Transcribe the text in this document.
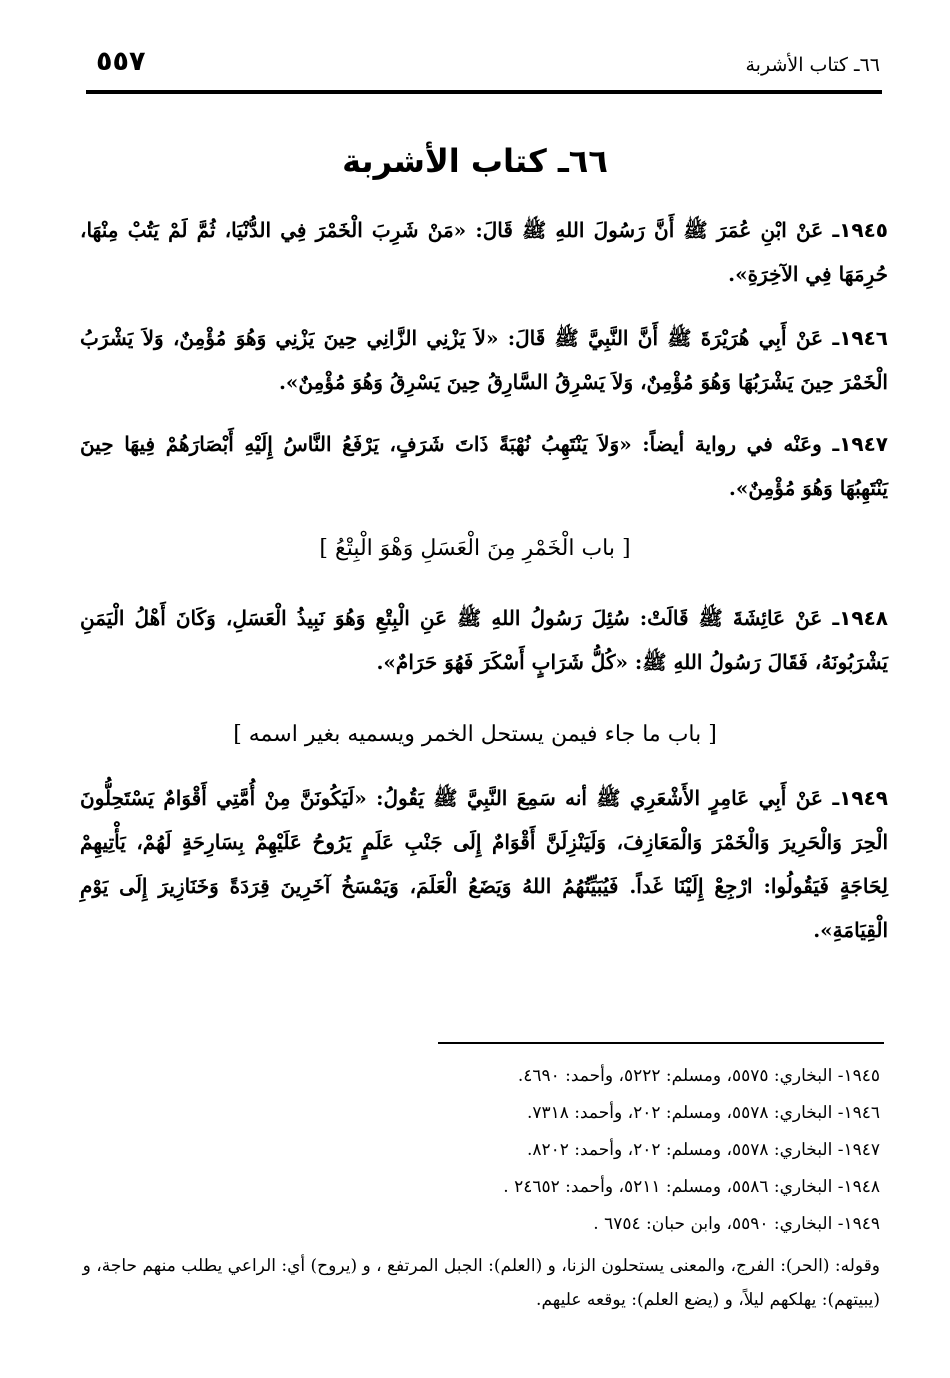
٦٦ـ كتاب الأشربة
٥٥٧
٦٦ـ كتاب الأشربة
١٩٤٥ـ عَنْ ابْنِ عُمَرَ ﷺ أَنَّ رَسُولَ اللهِ ﷺ قَالَ: «مَنْ شَرِبَ الْخَمْرَ فِي الدُّنْيَا، ثُمَّ لَمْ يَتُبْ مِنْهَا، حُرِمَهَا فِي الآخِرَةِ».
١٩٤٦ـ عَنْ أَبِي هُرَيْرَةَ ﷺ أَنَّ النَّبِيَّ ﷺ قَالَ: «لاَ يَزْنِي الزَّانِي حِينَ يَزْنِي وَهُوَ مُؤْمِنٌ، وَلاَ يَشْرَبُ الْخَمْرَ حِينَ يَشْرَبُهَا وَهُوَ مُؤْمِنٌ، وَلاَ يَسْرِقُ السَّارِقُ حِينَ يَسْرِقُ وَهُوَ مُؤْمِنٌ».
١٩٤٧ـ وعَنْه في رواية أيضاً: «وَلاَ يَنْتَهِبُ نُهْبَةً ذَاتَ شَرَفٍ، يَرْفَعُ النَّاسُ إِلَيْهِ أَبْصَارَهُمْ فِيهَا حِينَ يَنْتَهِبُهَا وَهُوَ مُؤْمِنٌ».
[ باب الْخَمْرِ مِنَ الْعَسَلِ وَهْوَ الْبِتْعُ ]
١٩٤٨ـ عَنْ عَائِشَةَ ﷺ قَالَتْ: سُئِلَ رَسُولُ اللهِ ﷺ عَنِ الْبِتْعِ وَهُوَ نَبِيذُ الْعَسَلِ، وَكَانَ أَهْلُ الْيَمَنِ يَشْرَبُونَهُ، فَقَالَ رَسُولُ اللهِ ﷺ: «كُلُّ شَرَابٍ أَسْكَرَ فَهُوَ حَرَامٌ».
[ باب ما جاء فيمن يستحل الخمر ويسميه بغير اسمه ]
١٩٤٩ـ عَنْ أَبِي عَامِرٍ الأَشْعَرِي ﷺ أنه سَمِعَ النَّبِيَّ ﷺ يَقُولُ: «لَيَكُونَنَّ مِنْ أُمَّتِي أَقْوَامٌ يَسْتَحِلُّونَ الْحِرَ وَالْحَرِيرَ وَالْخَمْرَ وَالْمَعَازِفَ، وَلَيَنْزِلَنَّ أَقْوَامٌ إِلَى جَنْبِ عَلَمٍ يَرُوحُ عَلَيْهِمْ بِسَارِحَةٍ لَهُمْ، يَأْتِيهِمْ لِحَاجَةٍ فَيَقُولُوا: ارْجِعْ إِلَيْنَا غَداً. فَيُبَيِّتُهُمُ اللهُ وَيَضَعُ الْعَلَمَ، وَيَمْسَخُ آخَرِينَ قِرَدَةً وَخَنَازِيرَ إِلَى يَوْمِ الْقِيَامَةِ».
١٩٤٥- البخاري: ٥٥٧٥، ومسلم: ٥٢٢٢، وأحمد: ٤٦٩٠.
١٩٤٦- البخاري: ٥٥٧٨، ومسلم: ٢٠٢، وأحمد: ٧٣١٨.
١٩٤٧- البخاري: ٥٥٧٨، ومسلم: ٢٠٢، وأحمد: ٨٢٠٢.
١٩٤٨- البخاري: ٥٥٨٦، ومسلم: ٥٢١١، وأحمد: ٢٤٦٥٢ .
١٩٤٩- البخاري: ٥٥٩٠، وابن حبان: ٦٧٥٤ .
وقوله: (الحر): الفرج، والمعنى يستحلون الزنا، و (العلم): الجبل المرتفع ، و (يروح) أي: الراعي يطلب منهم حاجة، و (يبيتهم): يهلكهم ليلاً، و (يضع العلم): يوقعه عليهم.
